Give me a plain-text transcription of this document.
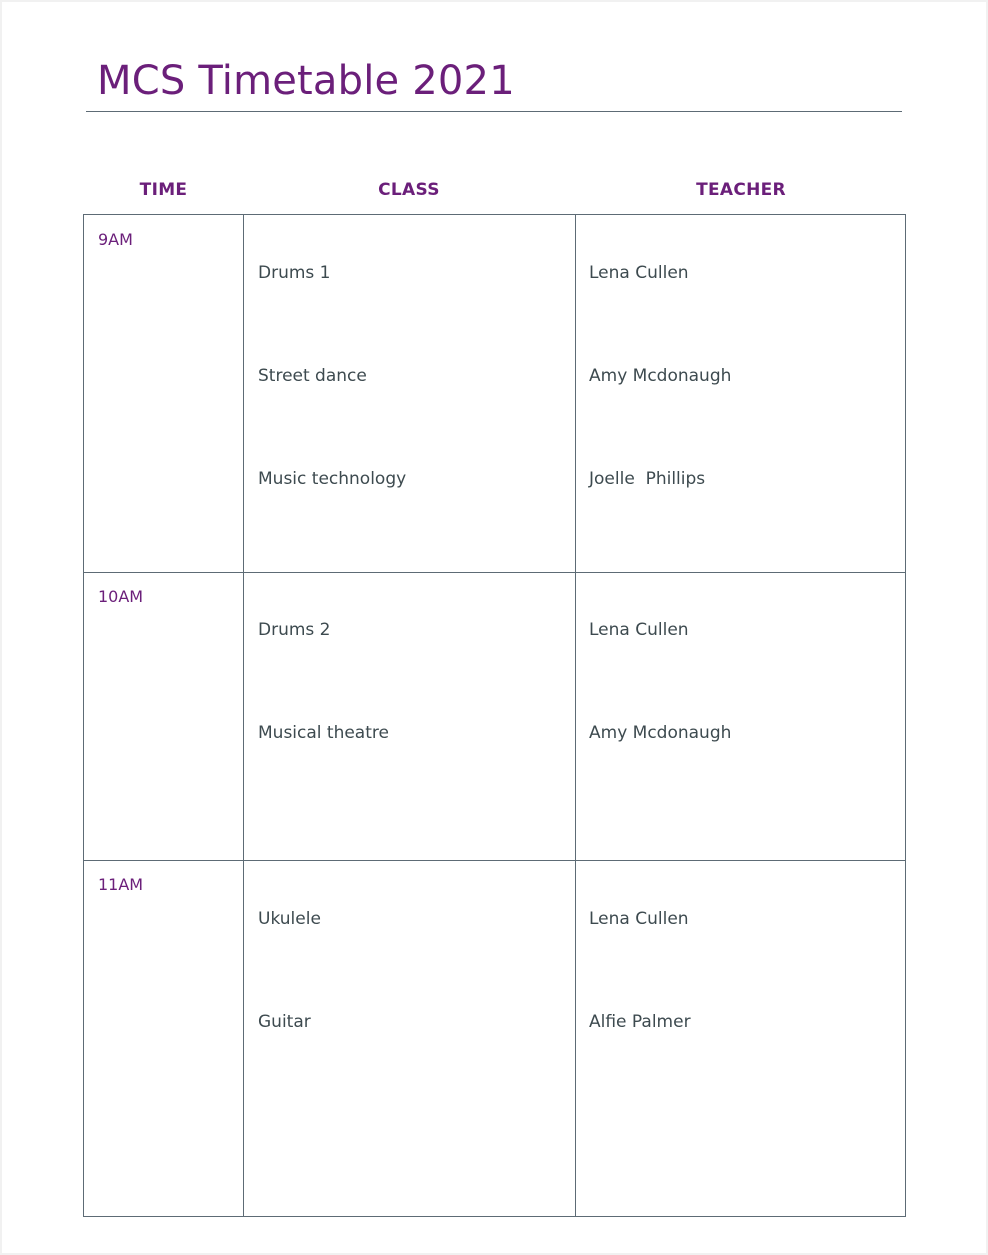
MCS Timetable 2021
TIME	CLASS	TEACHER
9AM
Drums 1	Lena Cullen
Street dance	Amy Mcdonaugh
Music technology	Joelle  Phillips
10AM
Drums 2	Lena Cullen
Musical theatre	Amy Mcdonaugh
11AM
Ukulele	Lena Cullen
Guitar	Alfie Palmer
